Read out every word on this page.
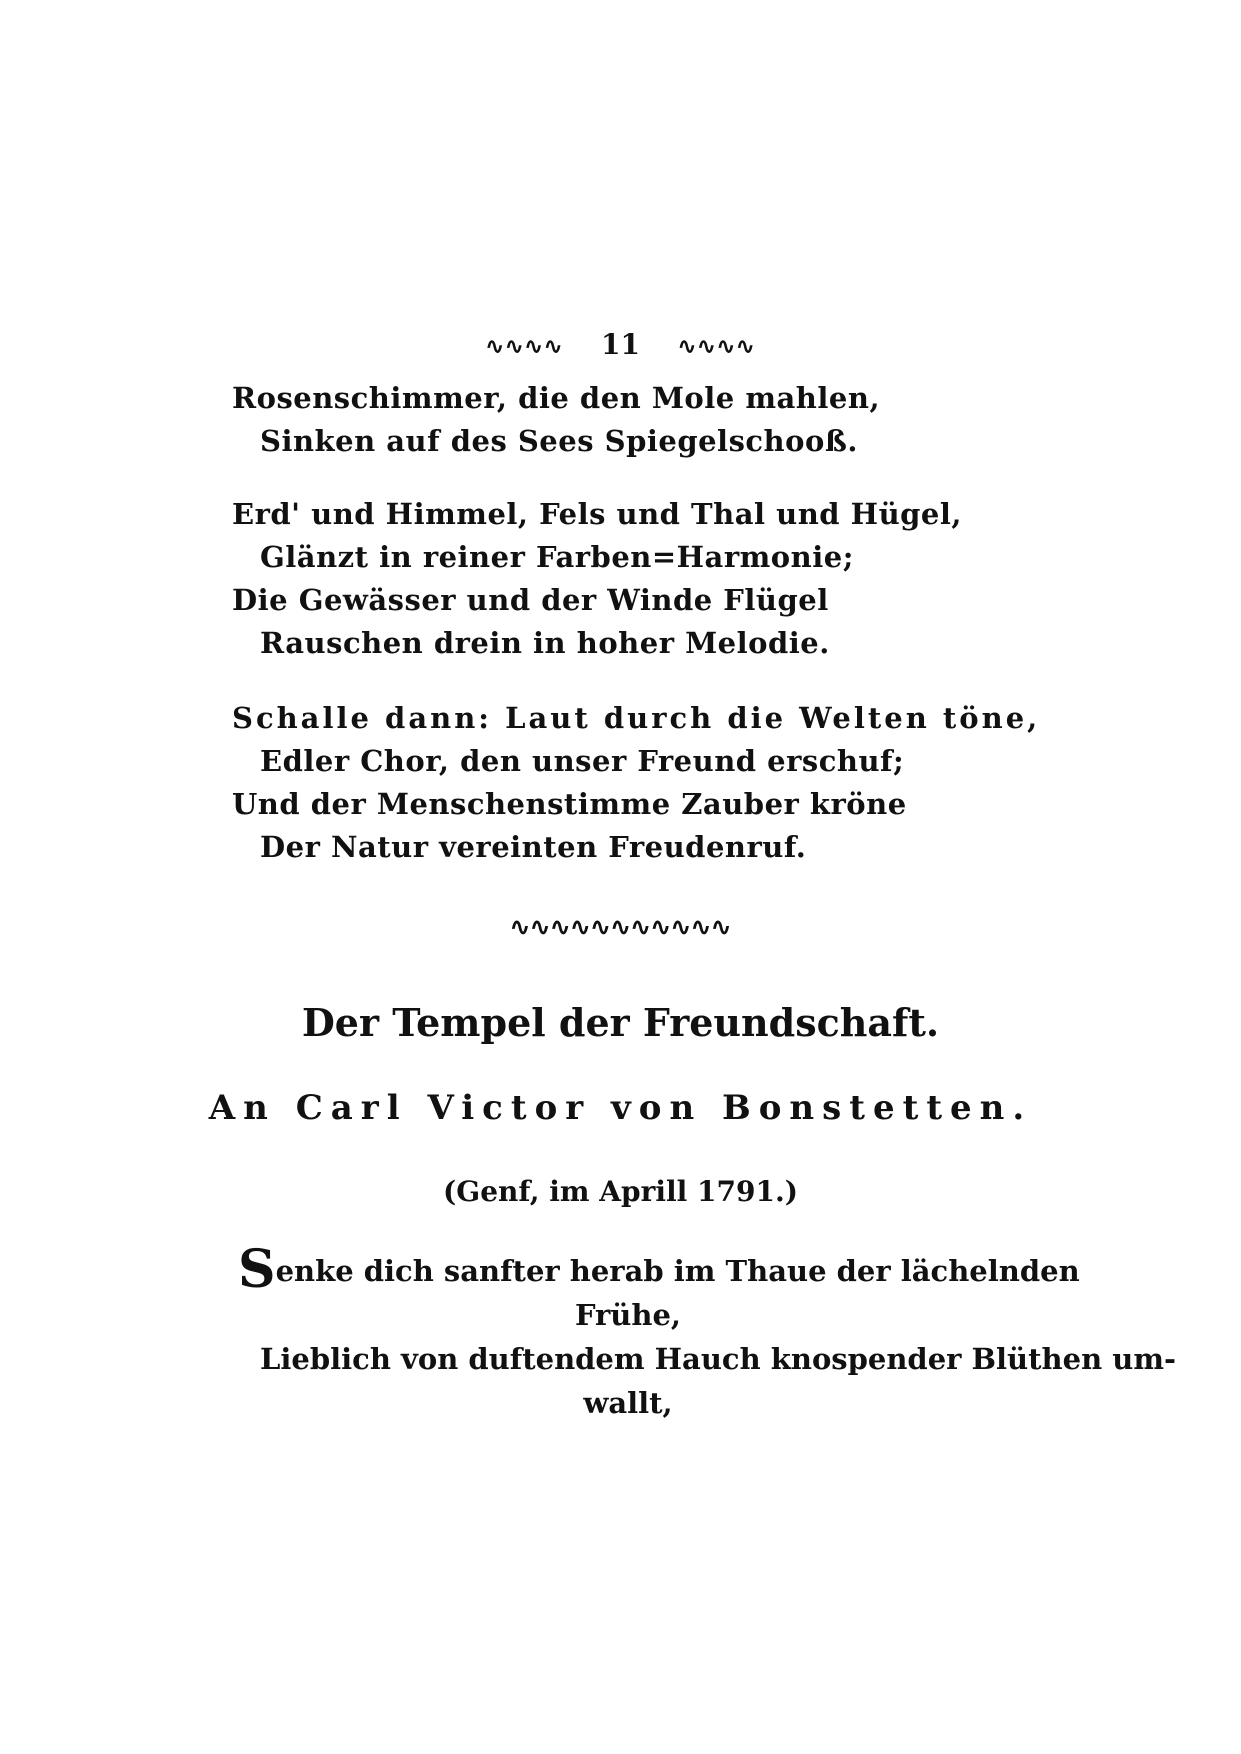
∿∿∿∿ 11 ∿∿∿∿
Rosenschimmer, die den Mole mahlen,
Sinken auf des Sees Spiegelschooß.
Erd' und Himmel, Fels und Thal und Hügel,
Glänzt in reiner Farben=Harmonie;
Die Gewässer und der Winde Flügel
Rauschen drein in hoher Melodie.
Schalle dann: Laut durch die Welten töne,
Edler Chor, den unser Freund erschuf;
Und der Menschenstimme Zauber kröne
Der Natur vereinten Freudenruf.
∿∿∿∿∿∿∿∿∿∿∿
Der Tempel der Freundschaft.
An Carl Victor von Bonstetten.
(Genf, im Aprill 1791.)
Senke dich sanfter herab im Thaue der lächelnden
Frühe,
Lieblich von duftendem Hauch knospender Blüthen um-
wallt,
